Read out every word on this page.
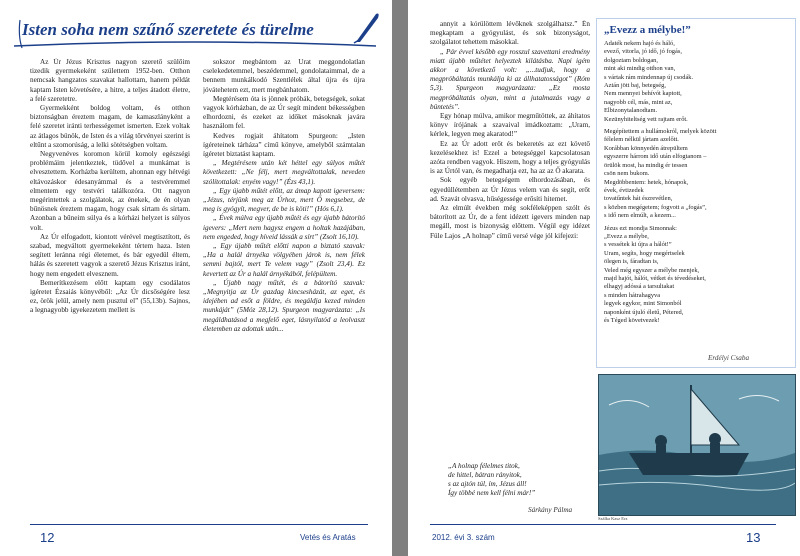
Isten soha nem szűnő szeretete és türelme

Az Úr Jézus Krisztus nagyon szerető szülőim tizedik gyermekeként születtem 1952-ben. Otthon nemcsak hangzatos szavakat hallottam, hanem példát kaptam Isten követésére, a hitre, a teljes átadott életre, a felé szeretetre.

Gyermekként boldog voltam, és otthon biztonságban éreztem magam, de kamaszlányként a felé szeretet iránti terhességemet ismerten. Ezek voltak az átlagos bünök, de Isten és a világ tőrvényei szerint is eltűnt a szomorúság, a lelki sötétségben voltam.

Negyvenéves koromon körül komoly egészségi problémáim jelentkeztek, tüdővel a munkámat is elvesztettem. Korházba kerültem, ahonnan egy hétvégi eltávozáskor édesanyámmal és a testvéremmel elmentem egy testvéri találkozóra. Ott nagyon megérintettek a szolgálatok, az énekek, de én olyan bűnösnek éreztem magam, hogy csak sírtam és sírtam. Azonban a bűneim súlya és a kórházi helyzet is súlyos volt.

Az Úr elfogadott, kiontott vérével megtisztított, és szabad, megváltott gyermekeként tértem haza. Isten segített leránna régi életemet, és bár egyedül éltem, hálás és szeretett vagyok a szerető Jézus Krisztus iránt, hogy nem engedett elvesznem.

Bemerítkezésem előtt kaptam egy csodálatos igéretet Ézsaiás könyvéből: „Az Úr dicsőségére lesz ez, örök jelül, amely nem pusztul el” (55,13b). Sajnos, a legnagyobb igyekezetem mellett is

sokszor megbántom az Urat meggondolatlan cselekedetemmel, beszédemmel, gondolataimmal, de a bennem munkálkodó Szentlélek által újra és újra jóvátehetem ezt, mert megbánhatom.

Megtérésem óta is jönnek próbák, betegségek, sokat vagyok kórházban, de az Úr segít mindent békességben elhordozni, és ezeket az időket másoknak javára használom fel.

Kedves rogjait áhítatom Spurgeon: „Isten ígéreteinek tárháza” című könyve, amelyből számtalan ígéretet biztatást kaptam.

„ Megtérésem után két héttel egy súlyos műtét következett: „Ne félj, mert megváltottalak, neveden szólítottalak: enyém vagy!” (Ézs 43,1).

„ Egy újabb műtét előtt, az ámap kapott igeversem: „Jézus, térjünk meg az Úrhoz, mert Ő megsebez, de meg is gyógyít, megver, de be is köti!” (Hós 6,1).

„ Évek múlva egy újabb műtét és egy újabb bátorító igevers: „Mert nem hagysz engem a holtak hazájában, nem engeded, hogy híveid lássák a sírt” (Zsolt 16,10).

„ Egy újabb műtét előtti napon a biztató szavak: „Ha a halál árnyéka völgyében járok is, nem félek semmi bajtól, mert Te velem vagy” (Zsolt 23,4). Ez kevertett az Úr a halál árnyékából, felépültem.

„ Újabb nagy műtét, és a bátorító szavak: „Megnyitja az Úr gazdag kincsesházát, az eget, és idejében ad esőt a földre, és megáldja kezed minden munkáját” (5Móz 28,12). Spurgeon magyarázata: „Is megáldhatásod a megfelő eget, lásnyilatód a leolvaszt életemben az adottak után...

12	Vetés és Aratás

annyit a kórülöttem lévőknek szolgálhatsz.” Én megkaptam a gyógyulást, és sok bizonyságot, szolgálatot tehettem másokkal.

„ Pár évvel később egy rosszul szavettani eredmény miatt újabb műtétet helyeztek kilátásba. Napi igém akkor a következő volt: „...tudjuk, hogy a megpróbáltatás munkálja ki az állhatatosságot” (Róm 5,3). Spurgeon magyarázata: „Ez mosta megpróbáltatás olyan, mint a jutalmazás vagy a büntetés”.

Egy hónap múlva, amikor megműtöttek, az áhítatos könyv írójának a szavaival imádkoztam: „Uram, kérlek, legyen meg akaratod!”

Ez az Úr adott erőt és bekeretés az ezt követő kezelésekhez is! Ezzel a betegséggel kapcsolatosan azóta rendben vagyok. Hiszem, hogy a teljes gyógyulás is az Úrtól van, és megadhatja ezt, ha az az Ő akarata.

Sok egyéb betegségem elhordozásában, és egyedüllétemben az Úr Jézus velem van és segít, erőt ad. Szavát olvasva, hűségessége erősíti hitemet.

Az elmúlt években még sokféleképpen szólt és bátorított az Úr, de a fent idézett igevers minden nap megáll, most is bizonyság előttem. Végül egy idézet Füle Lajos „A holnap” című versé vége jól kifejezi:

„A holnap félelmes titok,
de hittel, bátran rányitok,
s az ajtón túl, ím, Jézus áll!
Így többé nem kell félni már!”
Sárkány Pálma
„Evezz a mélybe!”
Adaték nekem hajó és háló,
evező, vitorla, jó idő, jó fogás,
dolgoztam boldogan,
mint aki mindig otthon van,
s vártak rám mindennap új csodák.
Aztán jött baj, betegség,
Nem mennyei behívót kaptott,
nagyobb cél, más, mint az,
Elbizonytalanodtam.
Kezünyhiteltség vett rajtam erőt.
Megépítettem a hullámokról, melyek között
félelem nélkül jártam azelőtt.
Korábban könnyedén átrepültem
egyszerre hárrom idő után elfogtanom –
örülök most, ha mindig ér tessen
csön nem bukom.
Megdöbbentem: hetek, hónapok,
évek, évtizedek
tovatűntek hát észrevétlen,
s közben megégetem; fogvott a „fogás”,
s idő nem elmúlt, a kezem...
Jézus ezt mondja Simonnak:
„Evezz a mélybe,
s vessétek ki újra a hálót!”
Uram, segíts, hogy megértselek
ölegen is, fáradtan is,
Veled még egyszer a mélybe menjek,
majd hajót, hálót, vétket és tévedéseket,
elhagyj adóssá a tarsultakat
s minden hátrahagyva
legyek egykor, mint Simonból
naponként újuló életű, Pétered,
és Téged követvezek!
Erdélyi Csaba
Szálka Kasz Erz
2012. évi 3. szám	13
